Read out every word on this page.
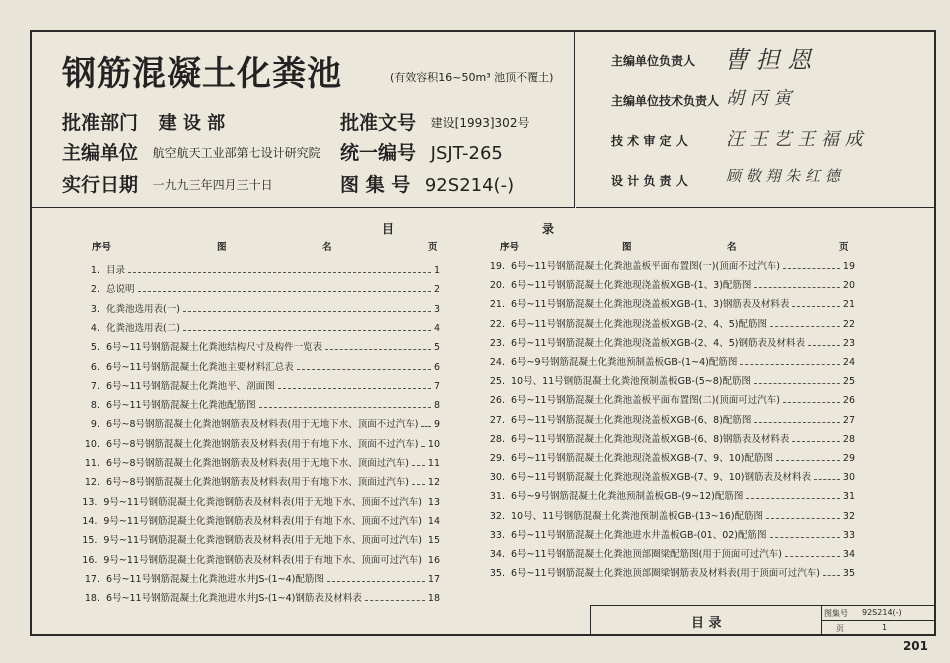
钢筋混凝土化粪池	(有效容积16~50m³ 池顶不覆土)
批准部门 建 设 部	批准文号 建设[1993]302号
主编单位 航空航天工业部第七设计研究院 统一编号 JSJT-265
实行日期 一九九三年四月三十日	图 集 号 92S214(-)
主编单位负责人 曹 担 恩
主编单位技术负责人 胡 丙 寅
技 术 审 定 人 汪 王 艺 王 福 成
设 计 负 责 人	顾 敬 翔 朱 红 德
目	录
序号	图	名	页	序号	图	名	页
1. 目录	1
2. 总说明	2
3. 化粪池选用表(一)	3
4. 化粪池选用表(二)	4
5. 6号~11号钢筋混凝土化粪池结构尺寸及构件一览表	5
6. 6号~11号钢筋混凝土化粪池主要材料汇总表	6
7. 6号~11号钢筋混凝土化粪池平、剖面图	7
8. 6号~11号钢筋混凝土化粪池配筋图	8
9. 6号~8号钢筋混凝土化粪池钢筋表及材料表(用于无地下水、顶面不过汽车) 9
10. 6号~8号钢筋混凝土化粪池钢筋表及材料表(用于有地下水、顶面不过汽车) 10
11. 6号~8号钢筋混凝土化粪池钢筋表及材料表(用于无地下水、顶面过汽车) 11
12. 6号~8号钢筋混凝土化粪池钢筋表及材料表(用于有地下水、顶面过汽车) 12
13. 9号~11号钢筋混凝土化粪池钢筋表及材料表(用于无地下水、顶面不过汽车) 13
14. 9号~11号钢筋混凝土化粪池钢筋表及材料表(用于有地下水、顶面不过汽车) 14
15. 9号~11号钢筋混凝土化粪池钢筋表及材料表(用于无地下水、顶面可过汽车) 15
16. 9号~11号钢筋混凝土化粪池钢筋表及材料表(用于有地下水、顶面可过汽车) 16
17. 6号~11号钢筋混凝土化粪池进水井JS-(1~4)配筋图	17
18. 6号~11号钢筋混凝土化粪池进水井JS-(1~4)钢筋表及材料表	18
19. 6号~11号钢筋混凝土化粪池盖板平面布置图(一)(顶面不过汽车)	19
20. 6号~11号钢筋混凝土化粪池现浇盖板XGB-(1、3)配筋图	20
21. 6号~11号钢筋混凝土化粪池现浇盖板XGB-(1、3)钢筋表及材料表	21
22. 6号~11号钢筋混凝土化粪池现浇盖板XGB-(2、4、5)配筋图	22
23. 6号~11号钢筋混凝土化粪池现浇盖板XGB-(2、4、5)钢筋表及材料表	23
24. 6号~9号钢筋混凝土化粪池预制盖板GB-(1~4)配筋图	24
25. 10号、11号钢筋混凝土化粪池预制盖板GB-(5~8)配筋图	25
26. 6号~11号钢筋混凝土化粪池盖板平面布置图(二)(顶面可过汽车)	26
27. 6号~11号钢筋混凝土化粪池现浇盖板XGB-(6、8)配筋图	27
28. 6号~11号钢筋混凝土化粪池现浇盖板XGB-(6、8)钢筋表及材料表	28
29. 6号~11号钢筋混凝土化粪池现浇盖板XGB-(7、9、10)配筋图	29
30. 6号~11号钢筋混凝土化粪池现浇盖板XGB-(7、9、10)钢筋表及材料表	30
31. 6号~9号钢筋混凝土化粪池预制盖板GB-(9~12)配筋图	31
32. 10号、11号钢筋混凝土化粪池预制盖板GB-(13~16)配筋图	32
33. 6号~11号钢筋混凝土化粪池进水井盖板GB-(01、02)配筋图	33
34. 6号~11号钢筋混凝土化粪池顶部圈梁配筋图(用于顶面可过汽车)	34
35. 6号~11号钢筋混凝土化粪池顶部圈梁钢筋表及材料表(用于顶面可过汽车) 35
目 录
图集号 92S214(-)
页	1
201
